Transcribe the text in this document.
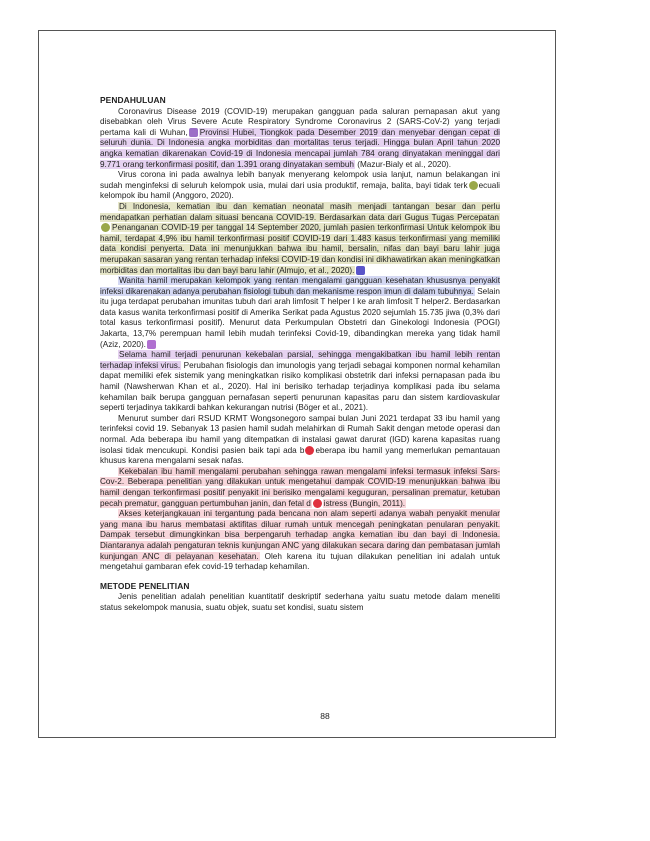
PENDAHULUAN

Coronavirus Disease 2019 (COVID-19) merupakan gangguan pada saluran pernapasan akut yang disebabkan oleh Virus Severe Acute Respiratory Syndrome Coronavirus 2 (SARS-CoV-2) yang terjadi pertama kali di Wuhan, Provinsi Hubei, Tiongkok pada Desember 2019 dan menyebar dengan cepat di seluruh dunia. Di Indonesia angka morbiditas dan mortalitas terus terjadi. Hingga bulan April tahun 2020 angka kematian dikarenakan Covid-19 di Indonesia mencapai jumlah 784 orang dinyatakan meninggal dari 9.771 orang terkonfirmasi positif, dan 1.391 orang dinyatakan sembuh (Mazur-Bialy et al., 2020).

Virus corona ini pada awalnya lebih banyak menyerang kelompok usia lanjut, namun belakangan ini sudah menginfeksi di seluruh kelompok usia, mulai dari usia produktif, remaja, balita, bayi tidak terk ecuali kelompok ibu hamil (Anggoro, 2020).

Di Indonesia, kematian ibu dan kematian neonatal masih menjadi tantangan besar dan perlu mendapatkan perhatian dalam situasi bencana COVID-19. Berdasarkan data dari Gugus Tugas PercepatanPenanganan COVID-19 per tanggal 14 September 2020, jumlah pasien terkonfirmasi Untuk kelompok ibu hamil, terdapat 4,9% ibu hamil terkonfirmasi positif COVID-19 dari 1.483 kasus terkonfirmasi yang memiliki data kondisi penyerta. Data ini menunjukkan bahwa ibu hamil, bersalin, nifas dan bayi baru lahir juga merupakan sasaran yang rentan terhadap infeksi COVID-19 dan kondisi ini dikhawatirkan akan meningkatkan morbiditas dan mortalitas ibu dan bayi baru lahir (Almujo, et al., 2020).	11

Wanita hamil merupakan kelompok yang rentan mengalami gangguan kesehatan khususnya penyakit infeksi dikarenakan adanya perubahan fisiologi tubuh dan mekanisme respon imun di dalam tubuhnya. Selain itu juga terdapat perubahan imunitas tubuh dari arah limfosit T helper I ke arah limfosit T helper2. Berdasarkan data kasus wanita terkonfirmasi positif di Amerika Serikat pada Agustus 2020 sejumlah 15.735 jiwa (0,3% dari total kasus terkonfirmasi positif). Menurut data Perkumpulan Obstetri dan Ginekologi Indonesia (POGI) Jakarta, 13,7% perempuan hamil lebih mudah terinfeksi Covid-19, dibandingkan mereka yang tidak hamil (Aziz, 2020).

Selama hamil terjadi penurunan kekebalan parsial, sehingga mengakibatkan ibu hamil lebih rentan terhadap infeksi virus. Perubahan fisiologis dan imunologis yang terjadi sebagai komponen normal kehamilan dapat memiliki efek sistemik yang meningkatkan risiko komplikasi obstetrik dari infeksi pernapasan pada ibu hamil (Nawsherwan Khan et al., 2020). Hal ini berisiko terhadap terjadinya komplikasi pada ibu selama kehamilan baik berupa gangguan pernafasan seperti penurunan kapasitas paru dan sistem kardiovaskular seperti terjadinya takikardi bahkan kekurangan nutrisi (Böger et al., 2021).

Menurut sumber dari RSUD KRMT Wongsonegoro sampai bulan Juni 2021 terdapat 33 ibu hamil yang terinfeksi covid 19. Sebanyak 13 pasien hamil sudah melahirkan di Rumah Sakit dengan metode operasi dan normal. Ada beberapa ibu hamil yang ditempatkan di instalasi gawat darurat (IGD) karena kapasitas ruang isolasi tidak mencukupi. Kondisi pasien baik tapi ada b eberapa ibu hamil yang memerlukan pemantauan khusus karena mengalami sesak nafas.

Kekebalan ibu hamil mengalami perubahan sehingga rawan mengalami infeksi termasuk infeksi Sars-Cov-2. Beberapa penelitian yang dilakukan untuk mengetahui dampak COVID-19 menunjukkan bahwa ibu hamil dengan terkonfirmasi positif penyakit ini berisiko mengalami keguguran, persalinan prematur, ketuban pecah prematur, gangguan pertumbuhan janin, dan fetal d istress (Bungin, 2011).

Akses keterjangkauan ini tergantung pada bencana non alam seperti adanya wabah penyakit menular yang mana ibu harus membatasi aktifitas diluar rumah untuk mencegah peningkatan penularan penyakit. Dampak tersebut dimungkinkan bisa berpengaruh terhadap angka kematian ibu dan bayi di Indonesia. Diantaranya adalah pengaturan teknis kunjungan ANC yang dilakukan secara daring dan pembatasan jumlah kunjungan ANC di pelayanan kesehatan. Oleh karena itu tujuan dilakukan penelitian ini adalah untuk mengetahui gambaran efek covid-19 terhadap kehamilan.

METODE PENELITIAN

Jenis penelitian adalah penelitian kuantitatif deskriptif sederhana yaitu suatu metode dalam meneliti status sekelompok manusia, suatu objek, suatu set kondisi, suatu sistem

88
